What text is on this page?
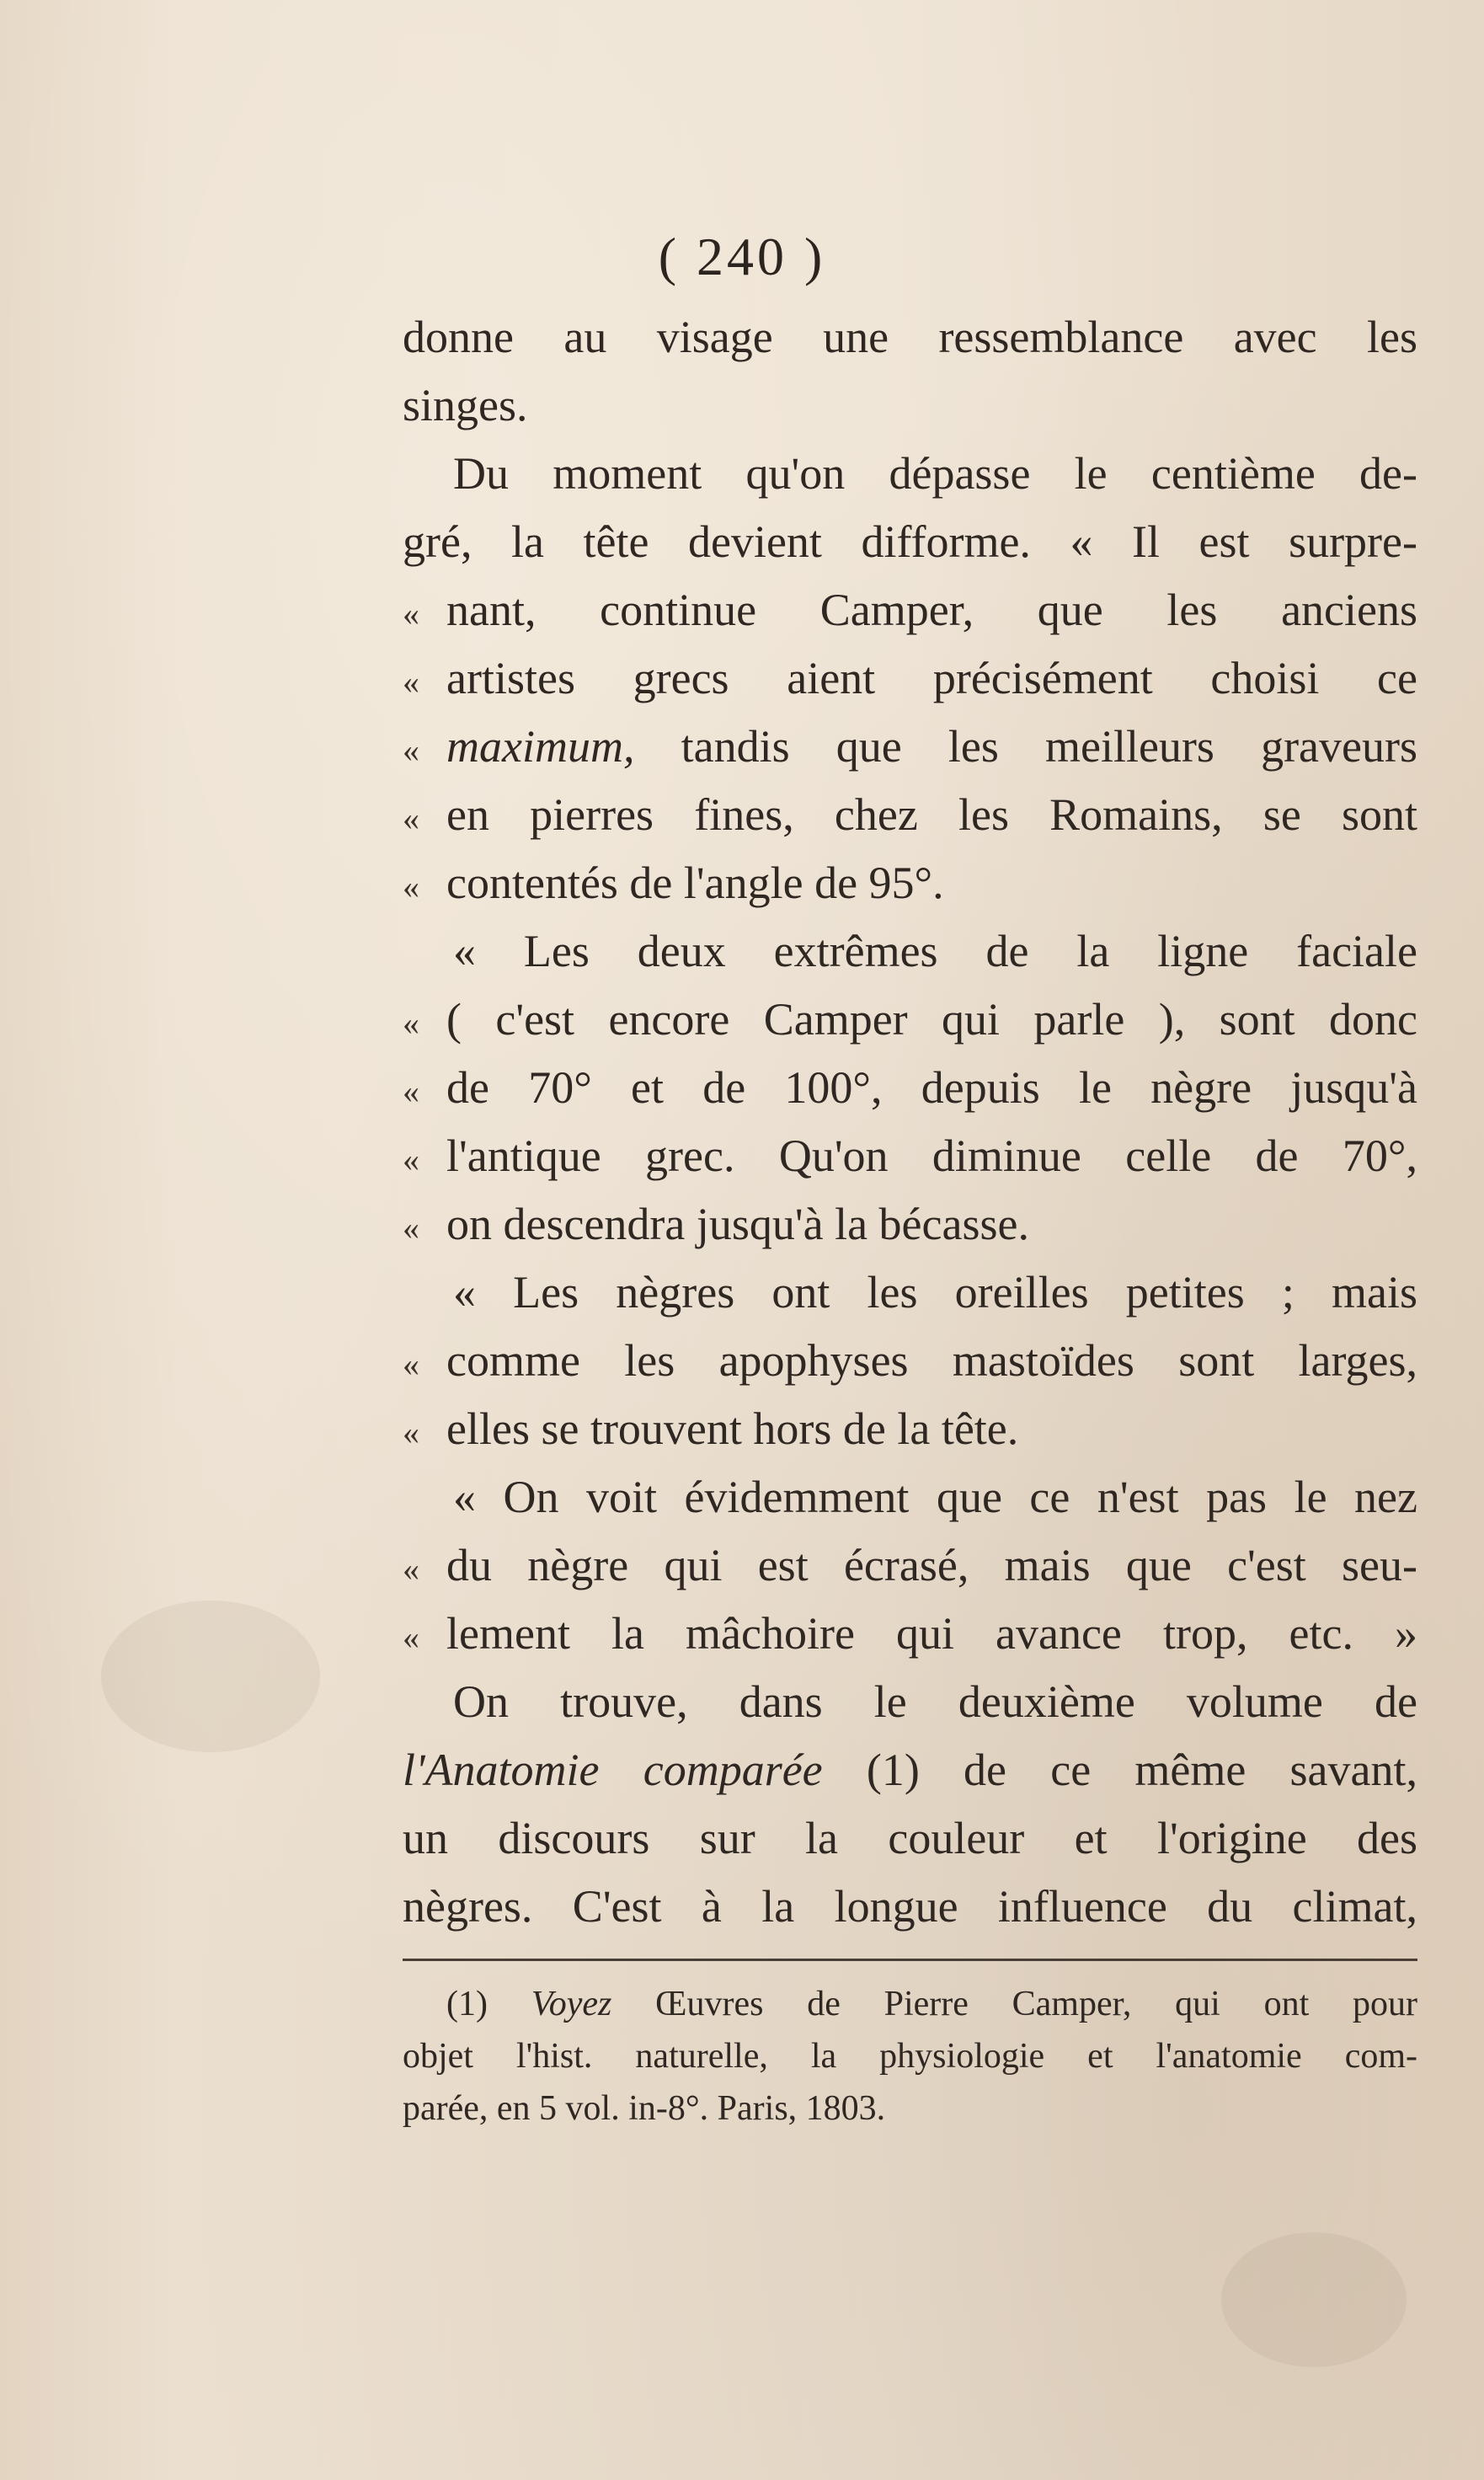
( 240 )
donne au visage une ressemblance avec les
singes.
Du moment qu'on dépasse le centième de-
gré, la tête devient difforme. « Il est surpre-
« nant, continue Camper, que les anciens
« artistes grecs aient précisément choisi ce
« maximum, tandis que les meilleurs graveurs
« en pierres fines, chez les Romains, se sont
« contentés de l'angle de 95°.
« Les deux extrêmes de la ligne faciale
« ( c'est encore Camper qui parle ), sont donc
« de 70° et de 100°, depuis le nègre jusqu'à
« l'antique grec. Qu'on diminue celle de 70°,
« on descendra jusqu'à la bécasse.
« Les nègres ont les oreilles petites ; mais
« comme les apophyses mastoïdes sont larges,
« elles se trouvent hors de la tête.
« On voit évidemment que ce n'est pas le nez
« du nègre qui est écrasé, mais que c'est seu-
« lement la mâchoire qui avance trop, etc. »
On trouve, dans le deuxième volume de
l'Anatomie comparée (1) de ce même savant,
un discours sur la couleur et l'origine des
nègres. C'est à la longue influence du climat,
(1) Voyez Œuvres de Pierre Camper, qui ont pour
objet l'hist. naturelle, la physiologie et l'anatomie com-
parée, en 5 vol. in-8°. Paris, 1803.
